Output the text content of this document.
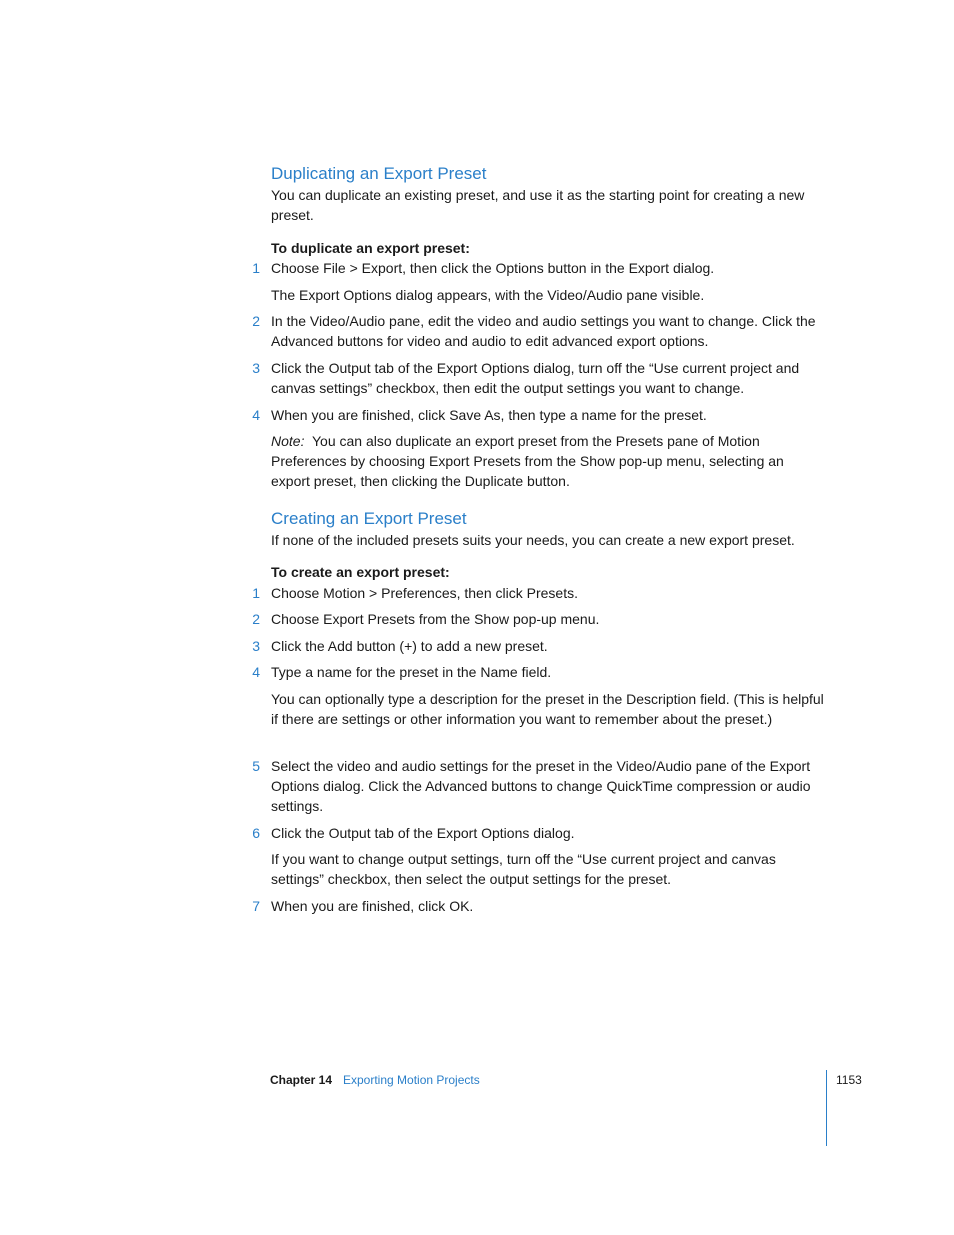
Duplicating an Export Preset
You can duplicate an existing preset, and use it as the starting point for creating a new preset.
To duplicate an export preset:
1 Choose File > Export, then click the Options button in the Export dialog.
The Export Options dialog appears, with the Video/Audio pane visible.
2 In the Video/Audio pane, edit the video and audio settings you want to change. Click the Advanced buttons for video and audio to edit advanced export options.
3 Click the Output tab of the Export Options dialog, turn off the “Use current project and canvas settings” checkbox, then edit the output settings you want to change.
4 When you are finished, click Save As, then type a name for the preset.
Note: You can also duplicate an export preset from the Presets pane of Motion Preferences by choosing Export Presets from the Show pop-up menu, selecting an export preset, then clicking the Duplicate button.
Creating an Export Preset
If none of the included presets suits your needs, you can create a new export preset.
To create an export preset:
1 Choose Motion > Preferences, then click Presets.
2 Choose Export Presets from the Show pop-up menu.
3 Click the Add button (+) to add a new preset.
4 Type a name for the preset in the Name field.
You can optionally type a description for the preset in the Description field. (This is helpful if there are settings or other information you want to remember about the preset.)
5 Select the video and audio settings for the preset in the Video/Audio pane of the Export Options dialog. Click the Advanced buttons to change QuickTime compression or audio settings.
6 Click the Output tab of the Export Options dialog.
If you want to change output settings, turn off the “Use current project and canvas settings” checkbox, then select the output settings for the preset.
7 When you are finished, click OK.
Chapter 14 Exporting Motion Projects	1153
